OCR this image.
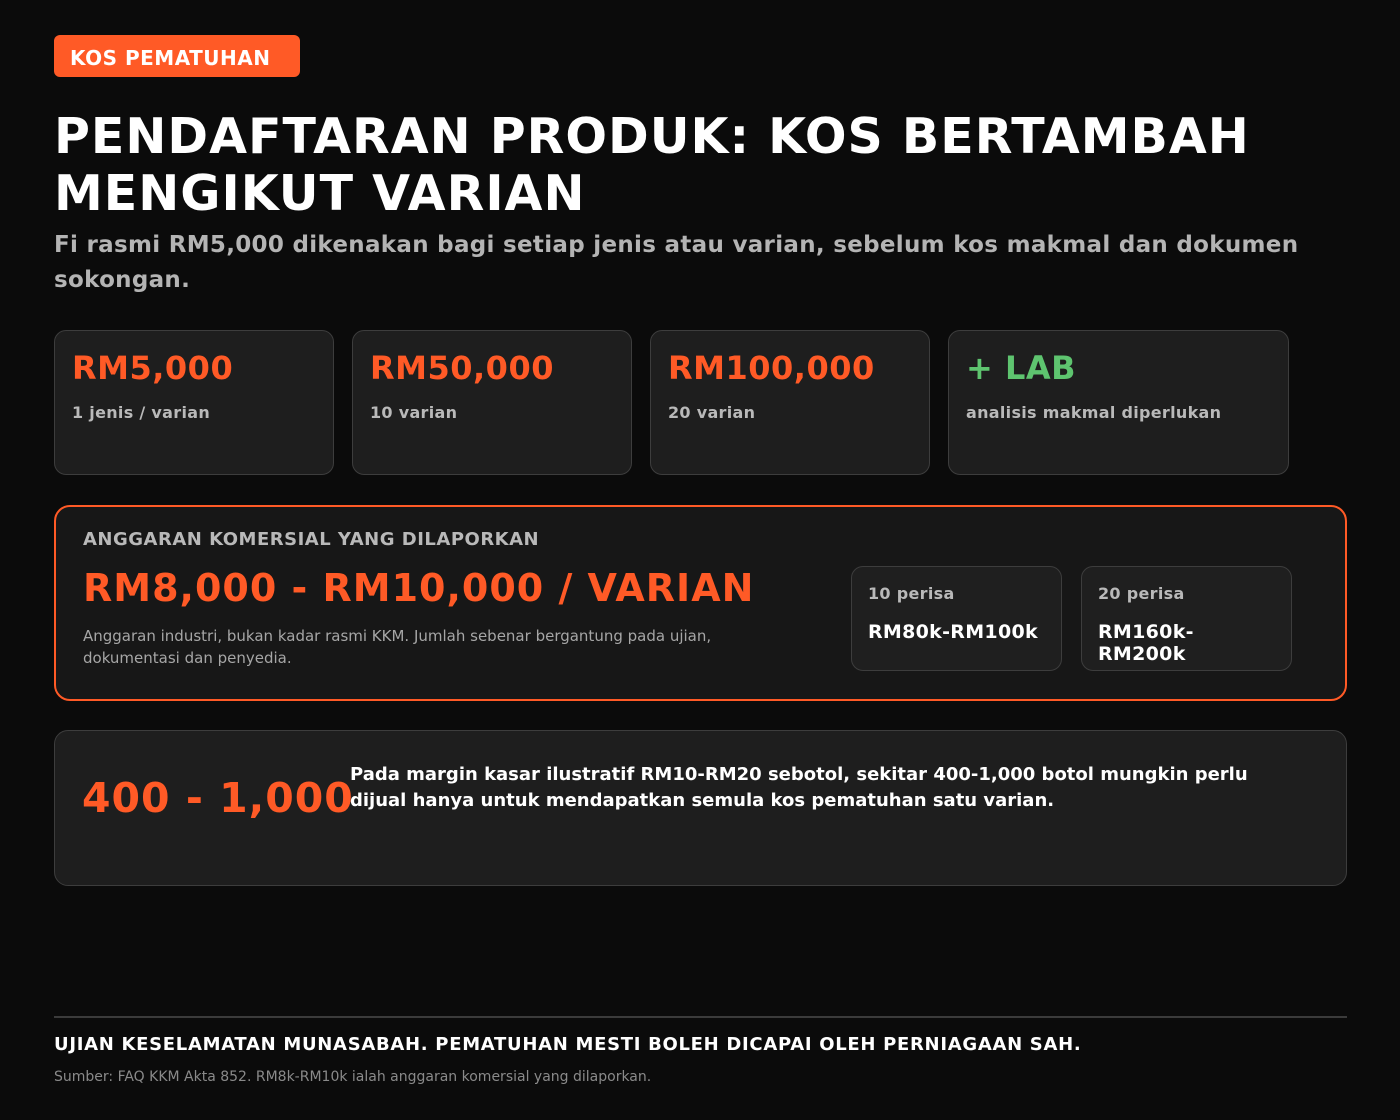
KOS PEMATUHAN
PENDAFTARAN PRODUK: KOS BERTAMBAH MENGIKUT VARIAN

Fi rasmi RM5,000 dikenakan bagi setiap jenis atau varian, sebelum kos makmal dan dokumen sokongan.

RM5,000
1 jenis / varian
RM50,000
10 varian
RM100,000
20 varian
+ LAB
analisis makmal diperlukan
ANGGARAN KOMERSIAL YANG DILAPORKAN
RM8,000 - RM10,000 / VARIAN
Anggaran industri, bukan kadar rasmi KKM. Jumlah sebenar bergantung pada ujian, dokumentasi dan penyedia.
10 perisa
RM80k-RM100k
20 perisa
RM160k-RM200k
400 - 1,000
Pada margin kasar ilustratif RM10-RM20 sebotol, sekitar 400-1,000 botol mungkin perlu dijual hanya untuk mendapatkan semula kos pematuhan satu varian.
UJIAN KESELAMATAN MUNASABAH. PEMATUHAN MESTI BOLEH DICAPAI OLEH PERNIAGAAN SAH.
Sumber: FAQ KKM Akta 852. RM8k-RM10k ialah anggaran komersial yang dilaporkan.
